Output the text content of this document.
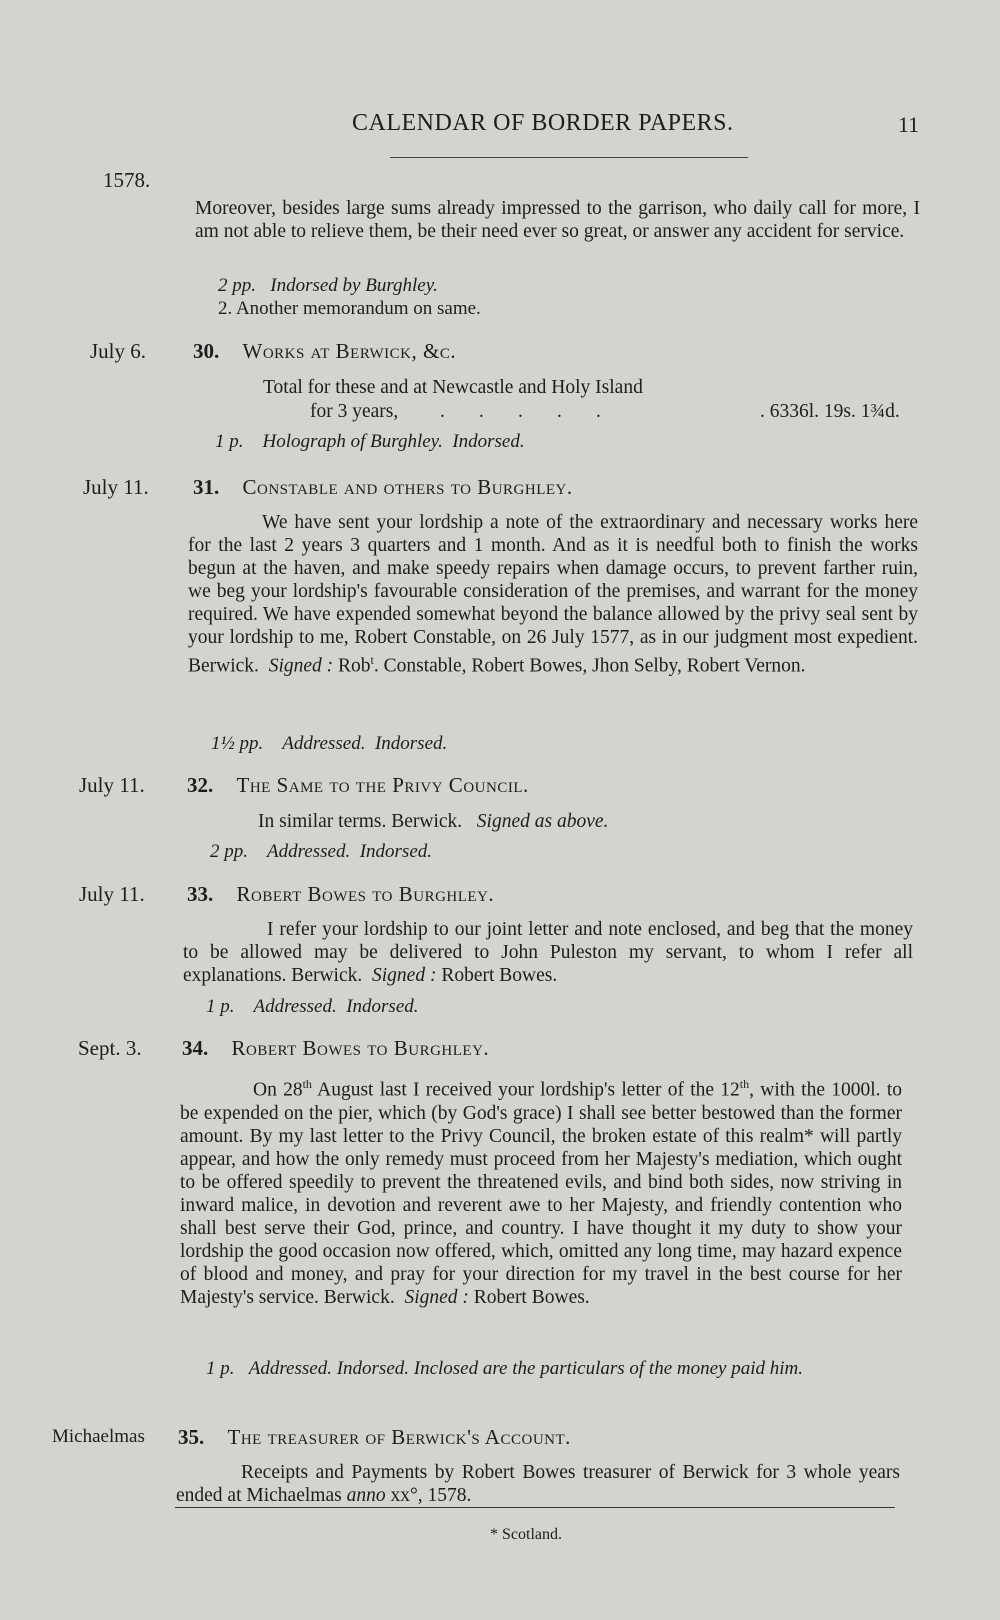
CALENDAR OF BORDER PAPERS.	11
1578.
Moreover, besides large sums already impressed to the garrison, who daily call for more, I am not able to relieve them, be their need ever so great, or answer any accident for service.
2 pp. Indorsed by Burghley.
2. Another memorandum on same.
July 6. 30. Works at Berwick, &c.
Total for these and at Newcastle and Holy Island
for 3 years, .       .       .       .       .	. 6336l. 19s. 1¾d.
1 p. Holograph of Burghley.  Indorsed.
July 11. 31. Constable and others to Burghley.
We have sent your lordship a note of the extraordinary and necessary works here for the last 2 years 3 quarters and 1 month. And as it is needful both to finish the works begun at the haven, and make speedy repairs when damage occurs, to prevent farther ruin, we beg your lordship's favourable consideration of the premises, and warrant for the money required. We have expended somewhat beyond the balance allowed by the privy seal sent by your lordship to me, Robert Constable, on 26 July 1577, as in our judgment most expedient. Berwick. Signed : Rob$^t$. Constable, Robert Bowes, Jhon Selby, Robert Vernon.
1½ pp. Addressed.  Indorsed.
July 11. 32. The Same to the Privy Council.
In similar terms. Berwick. Signed as above.
2 pp. Addressed.  Indorsed.
July 11. 33. Robert Bowes to Burghley.
I refer your lordship to our joint letter and note enclosed, and beg that the money to be allowed may be delivered to John Puleston my servant, to whom I refer all explanations. Berwick. Signed : Robert Bowes.
1 p. Addressed.  Indorsed.
Sept. 3. 34. Robert Bowes to Burghley.
On 28th August last I received your lordship's letter of the 12th, with the 1000l. to be expended on the pier, which (by God's grace) I shall see better bestowed than the former amount. By my last letter to the Privy Council, the broken estate of this realm* will partly appear, and how the only remedy must proceed from her Majesty's mediation, which ought to be offered speedily to prevent the threatened evils, and bind both sides, now striving in inward malice, in devotion and reverent awe to her Majesty, and friendly contention who shall best serve their God, prince, and country. I have thought it my duty to show your lordship the good occasion now offered, which, omitted any long time, may hazard expence of blood and money, and pray for your direction for my travel in the best course for her Majesty's service. Berwick. Signed : Robert Bowes.
1 p. Addressed. Indorsed. Inclosed are the particulars of the money paid him.
Michaelmas 35. The treasurer of Berwick's Account.
Receipts and Payments by Robert Bowes treasurer of Berwick for 3 whole years ended at Michaelmas anno xx°, 1578.
* Scotland.
